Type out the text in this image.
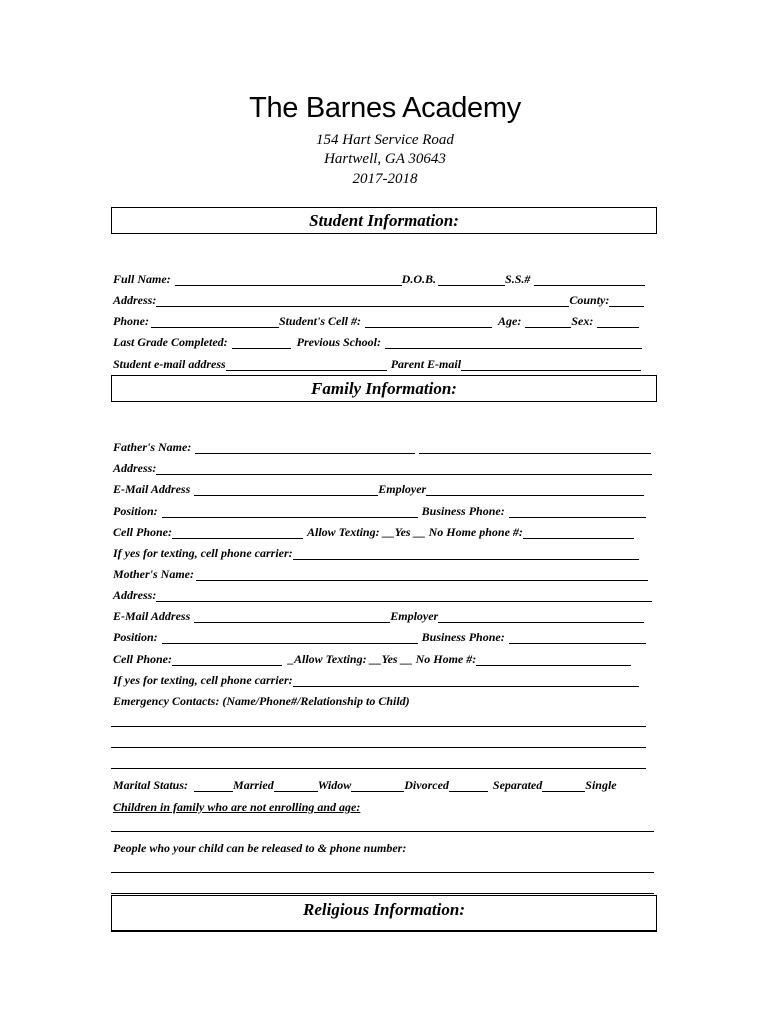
The Barnes Academy
154 Hart Service Road
Hartwell, GA 30643
2017-2018
Student Information:
Full Name:	D.O.B.	S.S.#
Address:	County:
Phone:	Student's Cell #:	Age:	Sex:
Last Grade Completed:	Previous School:
Student e-mail address	Parent E-mail
Family Information:
Father's Name:
Address:
E-Mail Address	Employer
Position:	Business Phone:
Cell Phone:	Allow Texting: __Yes __ No Home phone #:
If yes for texting, cell phone carrier:
Mother's Name:
Address:
E-Mail Address	Employer
Position:	Business Phone:
Cell Phone:	_Allow Texting: __Yes __ No Home #:
If yes for texting, cell phone carrier:
Emergency Contacts: (Name/Phone#/Relationship to Child)
Marital Status:	Married	Widow	Divorced	Separated	Single
Children in family who are not enrolling and age:
People who your child can be released to & phone number:
Religious Information:
